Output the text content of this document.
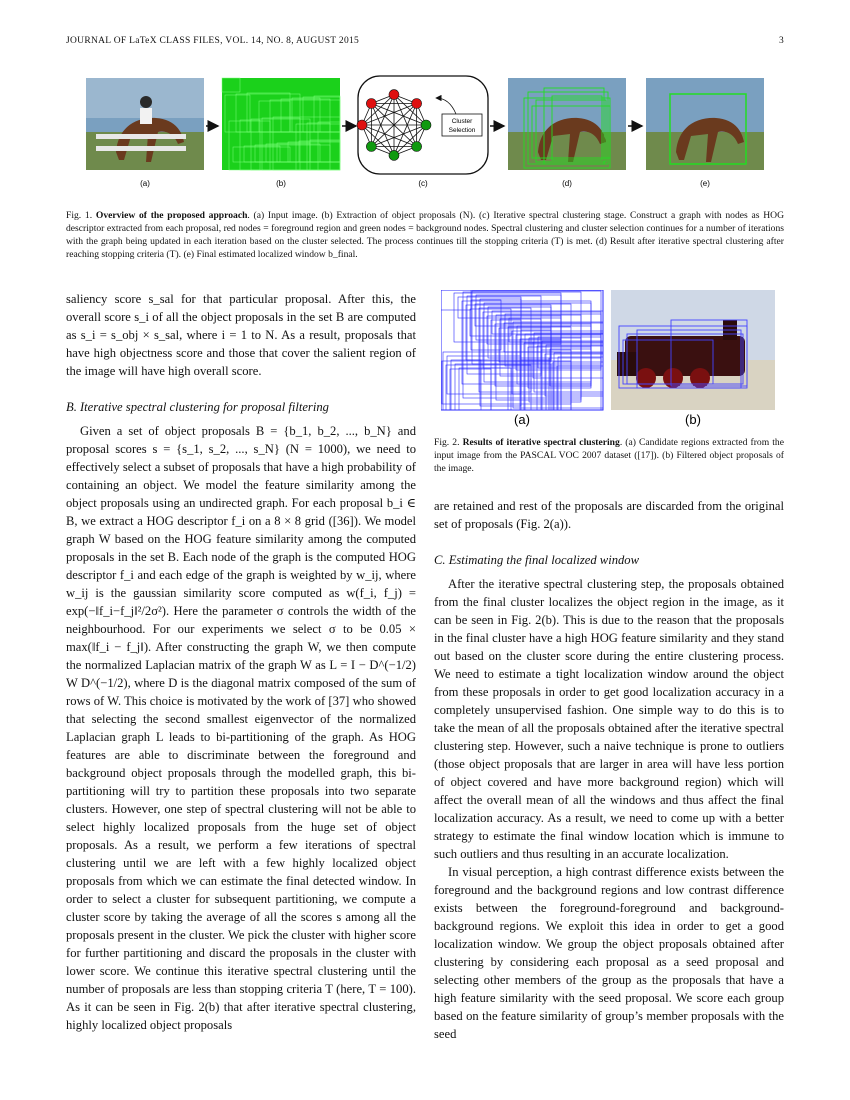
JOURNAL OF LaTeX CLASS FILES, VOL. 14, NO. 8, AUGUST 2015	3
Cluster
Selection
(a)	(b)	(c)	(d)	(e)
Fig. 1. Overview of the proposed approach. (a) Input image. (b) Extraction of object proposals (N). (c) Iterative spectral clustering stage. Construct a graph with nodes as HOG descriptor extracted from each proposal, red nodes = foreground region and green nodes = background nodes. Spectral clustering and cluster selection continues for a number of iterations with the graph being updated in each iteration based on the cluster selected. The process continues till the stopping criteria (T) is met. (d) Result after iterative spectral clustering after reaching stopping criteria (T). (e) Final estimated localized window b_final.

saliency score s_sal for that particular proposal. After this, the overall score s_i of all the object proposals in the set B are computed as s_i = s_obj × s_sal, where i = 1 to N. As a result, proposals that have high objectness score and those that cover the salient region of the image will have high overall score.

B. Iterative spectral clustering for proposal filtering

Given a set of object proposals B = {b_1, b_2, ..., b_N} and proposal scores s = {s_1, s_2, ..., s_N} (N = 1000), we need to effectively select a subset of proposals that have a high probability of containing an object. We model the feature similarity among the object proposals using an undirected graph. For each proposal b_i ∈ B, we extract a HOG descriptor f_i on a 8 × 8 grid ([36]). We model graph W based on the HOG feature similarity among the computed proposals in the set B. Each node of the graph is the computed HOG descriptor f_i and each edge of the graph is weighted by w_ij, where w_ij is the gaussian similarity score computed as w(f_i, f_j) = exp(−‖f_i−f_j‖²/2σ²). Here the parameter σ controls the width of the neighbourhood. For our experiments we select σ to be 0.05 × max(‖f_i − f_j‖). After constructing the graph W, we then compute the normalized Laplacian matrix of the graph W as L = I − D^(−1/2) W D^(−1/2), where D is the diagonal matrix composed of the sum of rows of W. This choice is motivated by the work of [37] who showed that selecting the second smallest eigenvector of the normalized Laplacian graph L leads to bi-partitioning of the graph. As HOG features are able to discriminate between the foreground and background object proposals through the modelled graph, this bi-partitioning will try to partition these proposals into two separate clusters. However, one step of spectral clustering will not be able to select highly localized proposals from the huge set of object proposals. As a result, we perform a few iterations of spectral clustering until we are left with a few highly localized object proposals from which we can estimate the final detected window. In order to select a cluster for subsequent partitioning, we compute a cluster score by taking the average of all the scores s among all the proposals present in the cluster. We pick the cluster with higher score for further partitioning and discard the proposals in the cluster with lower score. We continue this iterative spectral clustering until the number of proposals are less than stopping criteria T (here, T = 100). As it can be seen in Fig. 2(b) that after iterative spectral clustering, highly localized object proposals

(a)	(b)
Fig. 2. Results of iterative spectral clustering. (a) Candidate regions extracted from the input image from the PASCAL VOC 2007 dataset ([17]). (b) Filtered object proposals of the image.

are retained and rest of the proposals are discarded from the original set of proposals (Fig. 2(a)).

C. Estimating the final localized window

After the iterative spectral clustering step, the proposals obtained from the final cluster localizes the object region in the image, as it can be seen in Fig. 2(b). This is due to the reason that the proposals in the final cluster have a high HOG feature similarity and they stand out based on the cluster score during the entire clustering process. We need to estimate a tight localization window around the object from these proposals in order to get good localization accuracy in a completely unsupervised fashion. One simple way to do this is to take the mean of all the proposals obtained after the iterative spectral clustering step. However, such a naive technique is prone to outliers (those object proposals that are larger in area will have less portion of object covered and have more background region) which will affect the overall mean of all the windows and thus affect the final localization accuracy. As a result, we need to come up with a better strategy to estimate the final window location which is immune to such outliers and thus resulting in an accurate localization.

In visual perception, a high contrast difference exists between the foreground and the background regions and low contrast difference exists between the foreground-foreground and background-background regions. We exploit this idea in order to get a good localization window. We group the object proposals obtained after clustering by considering each proposal as a seed proposal and selecting other members of the group as the proposals that have a high feature similarity with the seed proposal. We score each group based on the feature similarity of group’s member proposals with the seed
